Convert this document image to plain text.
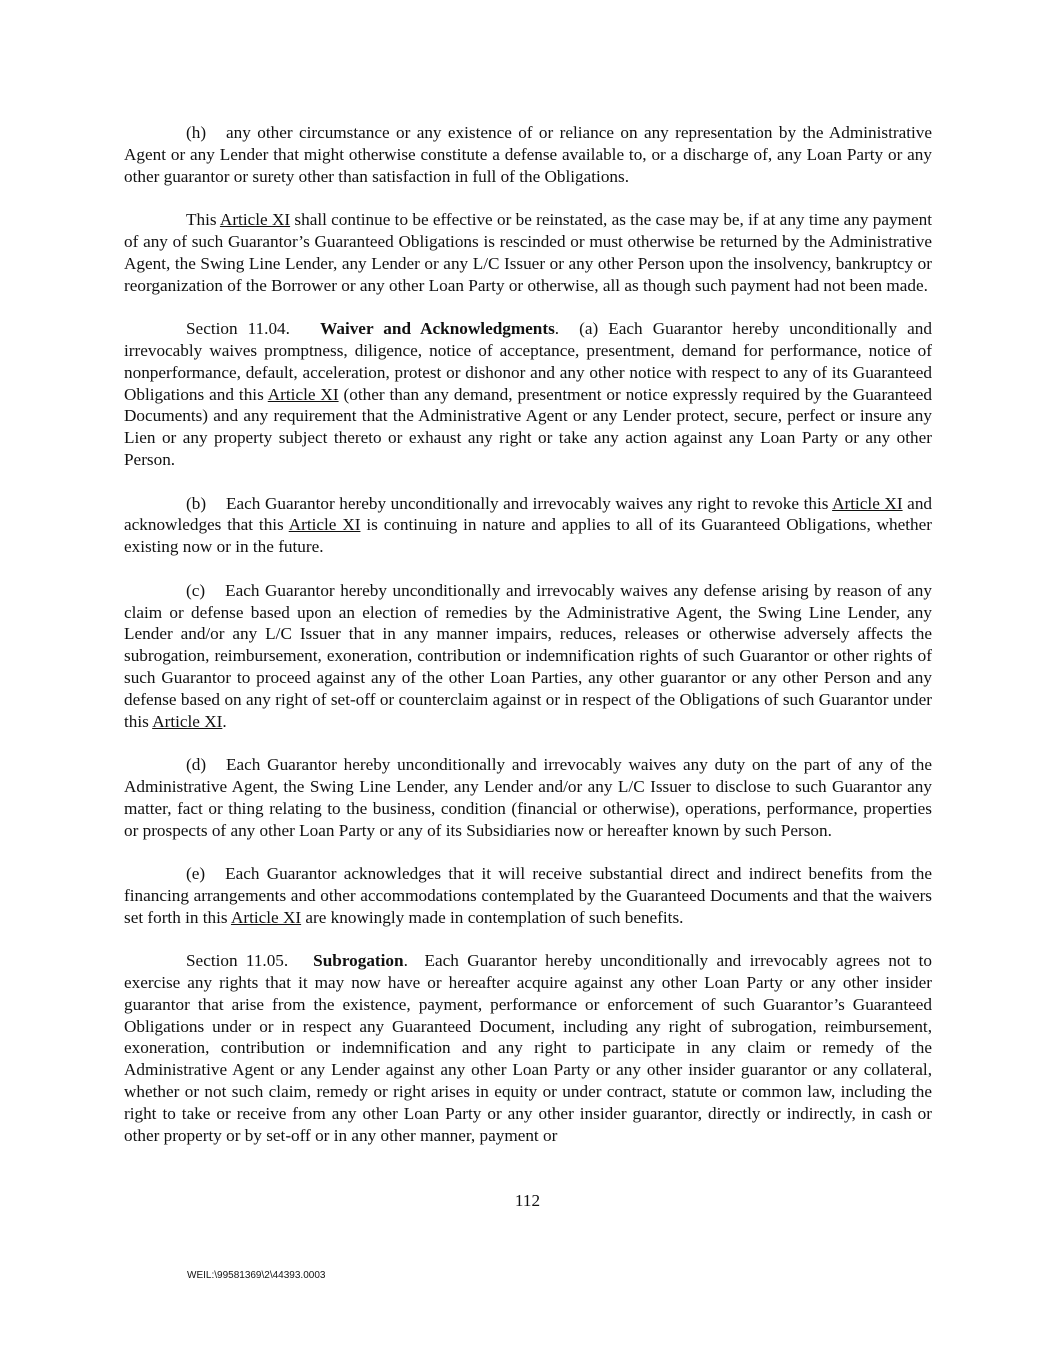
(h) any other circumstance or any existence of or reliance on any representation by the Administrative Agent or any Lender that might otherwise constitute a defense available to, or a discharge of, any Loan Party or any other guarantor or surety other than satisfaction in full of the Obligations.

This Article XI shall continue to be effective or be reinstated, as the case may be, if at any time any payment of any of such Guarantor’s Guaranteed Obligations is rescinded or must otherwise be returned by the Administrative Agent, the Swing Line Lender, any Lender or any L/C Issuer or any other Person upon the insolvency, bankruptcy or reorganization of the Borrower or any other Loan Party or otherwise, all as though such payment had not been made.

Section 11.04. Waiver and Acknowledgments. (a) Each Guarantor hereby unconditionally and irrevocably waives promptness, diligence, notice of acceptance, presentment, demand for performance, notice of nonperformance, default, acceleration, protest or dishonor and any other notice with respect to any of its Guaranteed Obligations and this Article XI (other than any demand, presentment or notice expressly required by the Guaranteed Documents) and any requirement that the Administrative Agent or any Lender protect, secure, perfect or insure any Lien or any property subject thereto or exhaust any right or take any action against any Loan Party or any other Person.

(b) Each Guarantor hereby unconditionally and irrevocably waives any right to revoke this Article XI and acknowledges that this Article XI is continuing in nature and applies to all of its Guaranteed Obligations, whether existing now or in the future.

(c) Each Guarantor hereby unconditionally and irrevocably waives any defense arising by reason of any claim or defense based upon an election of remedies by the Administrative Agent, the Swing Line Lender, any Lender and/or any L/C Issuer that in any manner impairs, reduces, releases or otherwise adversely affects the subrogation, reimbursement, exoneration, contribution or indemnification rights of such Guarantor or other rights of such Guarantor to proceed against any of the other Loan Parties, any other guarantor or any other Person and any defense based on any right of set-off or counterclaim against or in respect of the Obligations of such Guarantor under this Article XI.

(d) Each Guarantor hereby unconditionally and irrevocably waives any duty on the part of any of the Administrative Agent, the Swing Line Lender, any Lender and/or any L/C Issuer to disclose to such Guarantor any matter, fact or thing relating to the business, condition (financial or otherwise), operations, performance, properties or prospects of any other Loan Party or any of its Subsidiaries now or hereafter known by such Person.

(e) Each Guarantor acknowledges that it will receive substantial direct and indirect benefits from the financing arrangements and other accommodations contemplated by the Guaranteed Documents and that the waivers set forth in this Article XI are knowingly made in contemplation of such benefits.

Section 11.05. Subrogation. Each Guarantor hereby unconditionally and irrevocably agrees not to exercise any rights that it may now have or hereafter acquire against any other Loan Party or any other insider guarantor that arise from the existence, payment, performance or enforcement of such Guarantor’s Guaranteed Obligations under or in respect any Guaranteed Document, including any right of subrogation, reimbursement, exoneration, contribution or indemnification and any right to participate in any claim or remedy of the Administrative Agent or any Lender against any other Loan Party or any other insider guarantor or any collateral, whether or not such claim, remedy or right arises in equity or under contract, statute or common law, including the right to take or receive from any other Loan Party or any other insider guarantor, directly or indirectly, in cash or other property or by set-off or in any other manner, payment or

112
WEIL:\99581369\2\44393.0003
